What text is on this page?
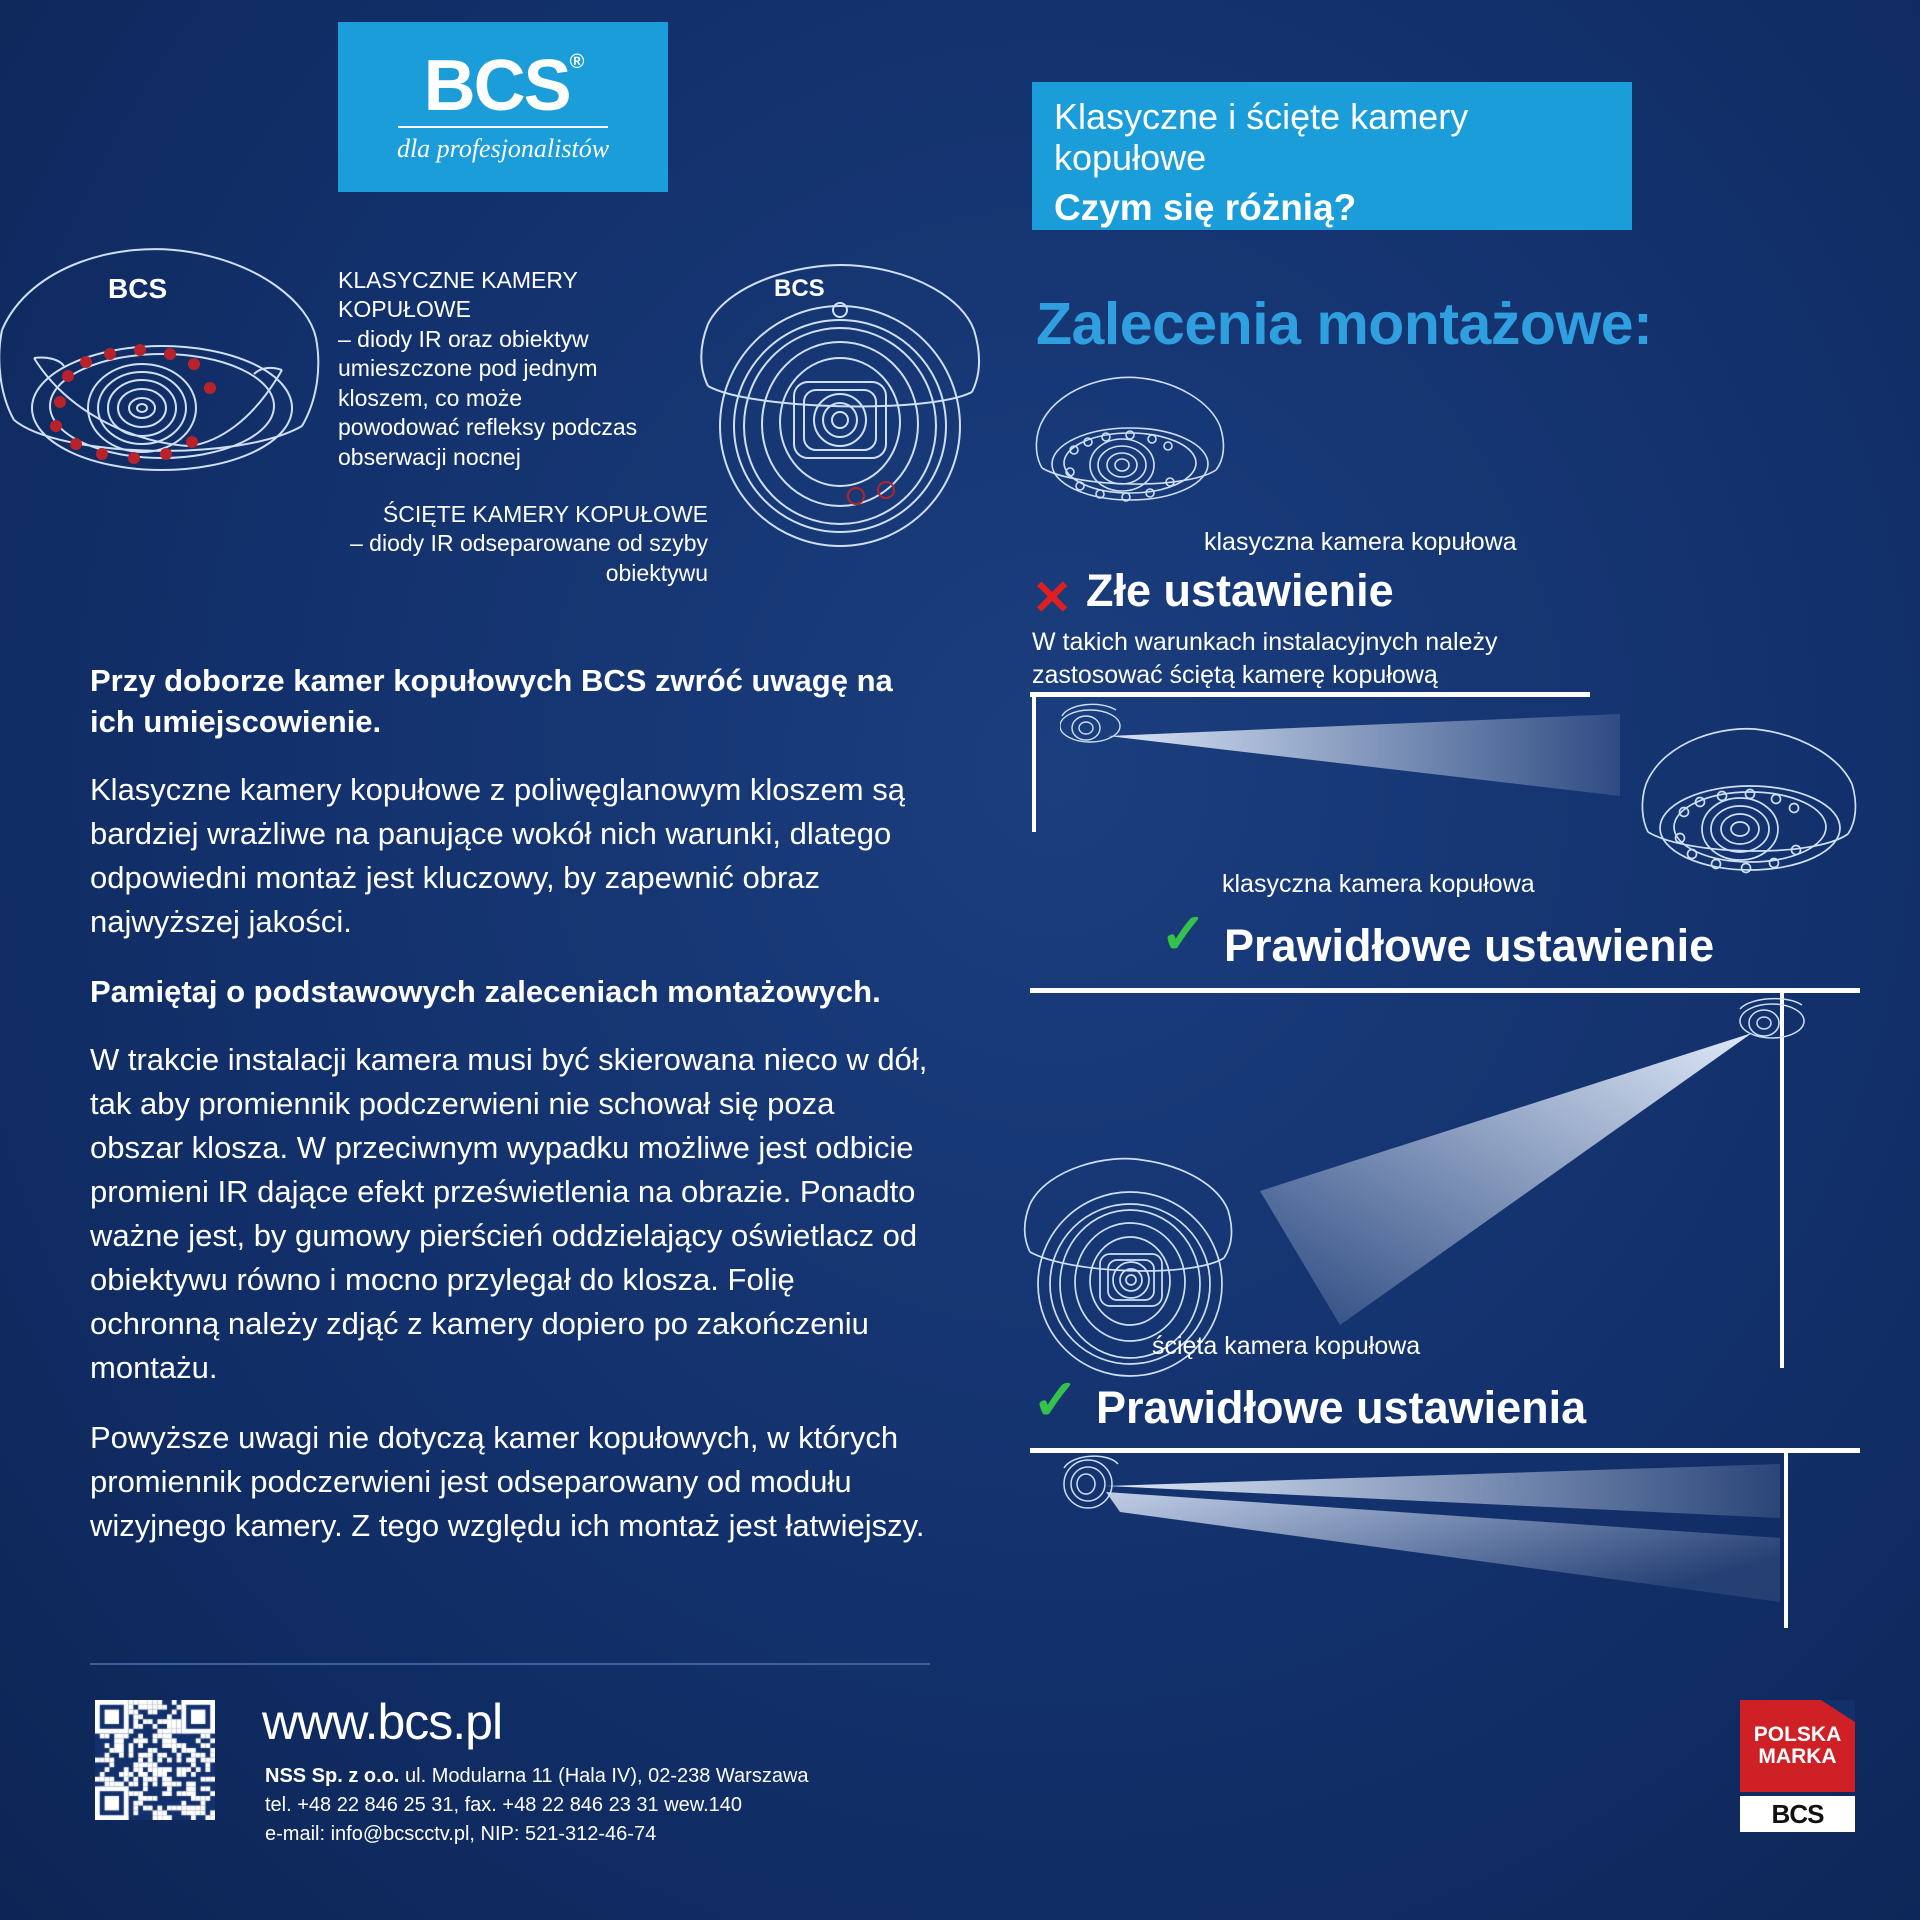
BCS®
dla profesjonalistów
Klasyczne i ścięte kamery kopułowe
Czym się różnią?
Zalecenia montażowe:
BCS	KLASYCZNE KAMERY KOPUŁOWE
– diody IR oraz obiektyw umieszczone pod jednym kloszem, co może powodować refleksy podczas obserwacji nocnej
BCS
ŚCIĘTE KAMERY KOPUŁOWE
– diody IR odseparowane od szyby obiektywu

Przy doborze kamer kopułowych BCS zwróć uwagę na ich umiejscowienie.

Klasyczne kamery kopułowe z poliwęglanowym kloszem są bardziej wrażliwe na panujące wokół nich warunki, dlatego odpowiedni montaż jest kluczowy, by zapewnić obraz najwyższej jakości.

Pamiętaj o podstawowych zaleceniach montażowych.

W trakcie instalacji kamera musi być skierowana nieco w dół, tak aby promiennik podczerwieni nie schował się poza obszar klosza. W przeciwnym wypadku możliwe jest odbicie promieni IR dające efekt prześwietlenia na obrazie. Ponadto ważne jest, by gumowy pierścień oddzielający oświetlacz od obiektywu równo i mocno przylegał do klosza. Folię ochronną należy zdjąć z kamery dopiero po zakończeniu montażu.

Powyższe uwagi nie dotyczą kamer kopułowych, w których promiennik podczerwieni jest odseparowany od modułu wizyjnego kamery. Z tego względu ich montaż jest łatwiejszy.

klasyczna kamera kopułowa
✕ Złe ustawienie
W takich warunkach instalacyjnych należy zastosować ściętą kamerę kopułową
klasyczna kamera kopułowa
✓ Prawidłowe ustawienie
ścięta kamera kopułowa
✓ Prawidłowe ustawienia
www.bcs.pl
NSS Sp. z o.o. ul. Modularna 11 (Hala IV), 02-238 Warszawa
tel. +48 22 846 25 31, fax. +48 22 846 23 31 wew.140
e-mail: info@bcscctv.pl, NIP: 521-312-46-74
POLSKA
MARKA
BCS
